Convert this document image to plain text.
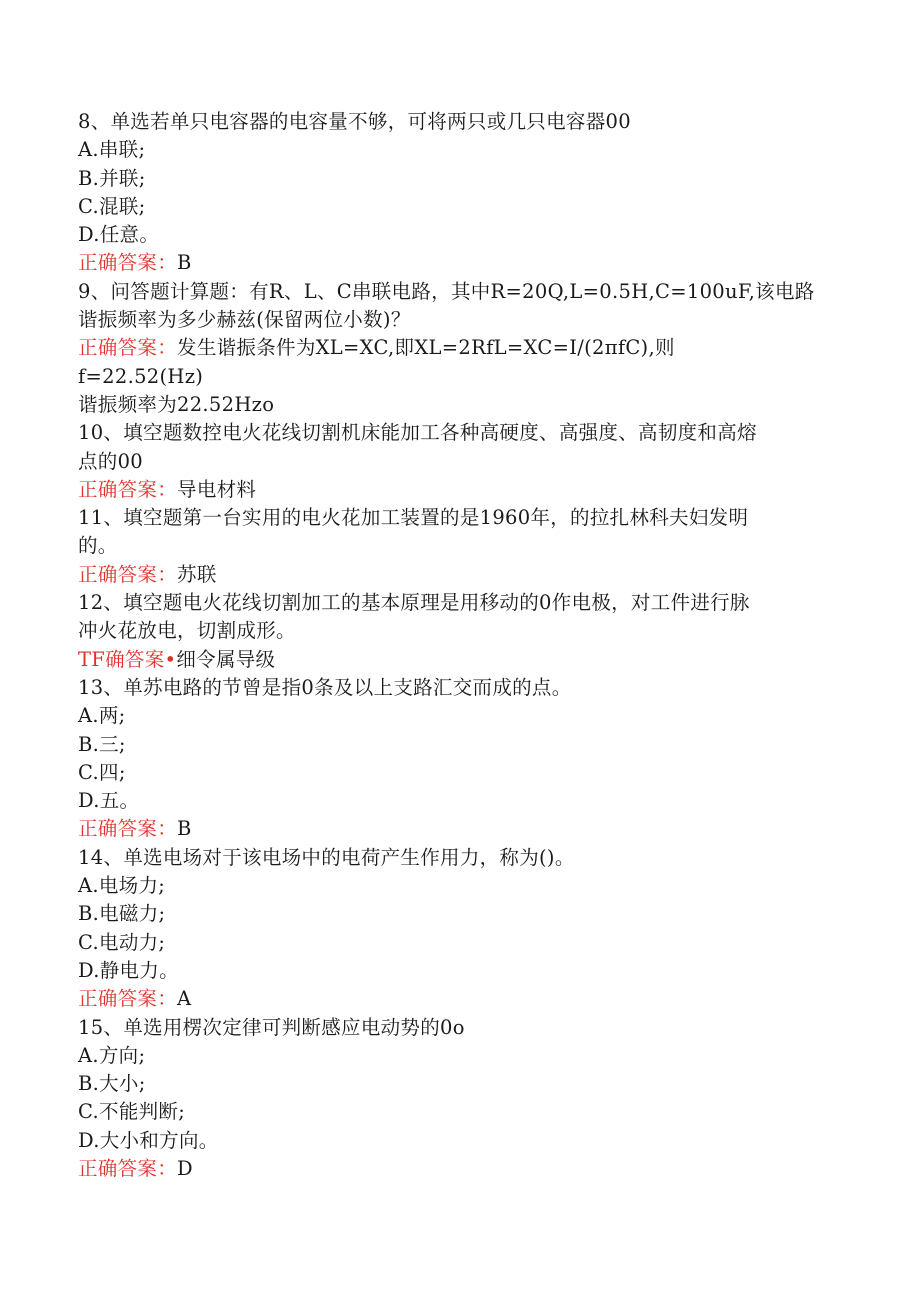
8、单选若单只电容器的电容量不够，可将两只或几只电容器00
A.串联;
B.并联;
C.混联;
D.任意。
正确答案：B
9、问答题计算题：有R、L、C串联电路，其中R=20Q,L=0.5H,C=100uF,该电路
谐振频率为多少赫兹(保留两位小数)？
正确答案：发生谐振条件为XL=XC,即XL=2RfL=XC=I/(2πfC),则
f=22.52(Hz)
谐振频率为22.52Hzo
10、填空题数控电火花线切割机床能加工各种高硬度、高强度、高韧度和高熔
点的00
正确答案：导电材料
11、填空题第一台实用的电火花加工装置的是1960年，的拉扎林科夫妇发明
的。
正确答案：苏联
12、填空题电火花线切割加工的基本原理是用移动的0作电极，对工件进行脉
冲火花放电，切割成形。
TF确答案•细令属导级
13、单苏电路的节曾是指0条及以上支路汇交而成的点。
A.两;
B.三;
C.四;
D.五。
正确答案：B
14、单选电场对于该电场中的电荷产生作用力，称为()。
A.电场力;
B.电磁力;
C.电动力;
D.静电力。
正确答案：A
15、单选用楞次定律可判断感应电动势的0o
A.方向;
B.大小;
C.不能判断;
D.大小和方向。
正确答案：D
